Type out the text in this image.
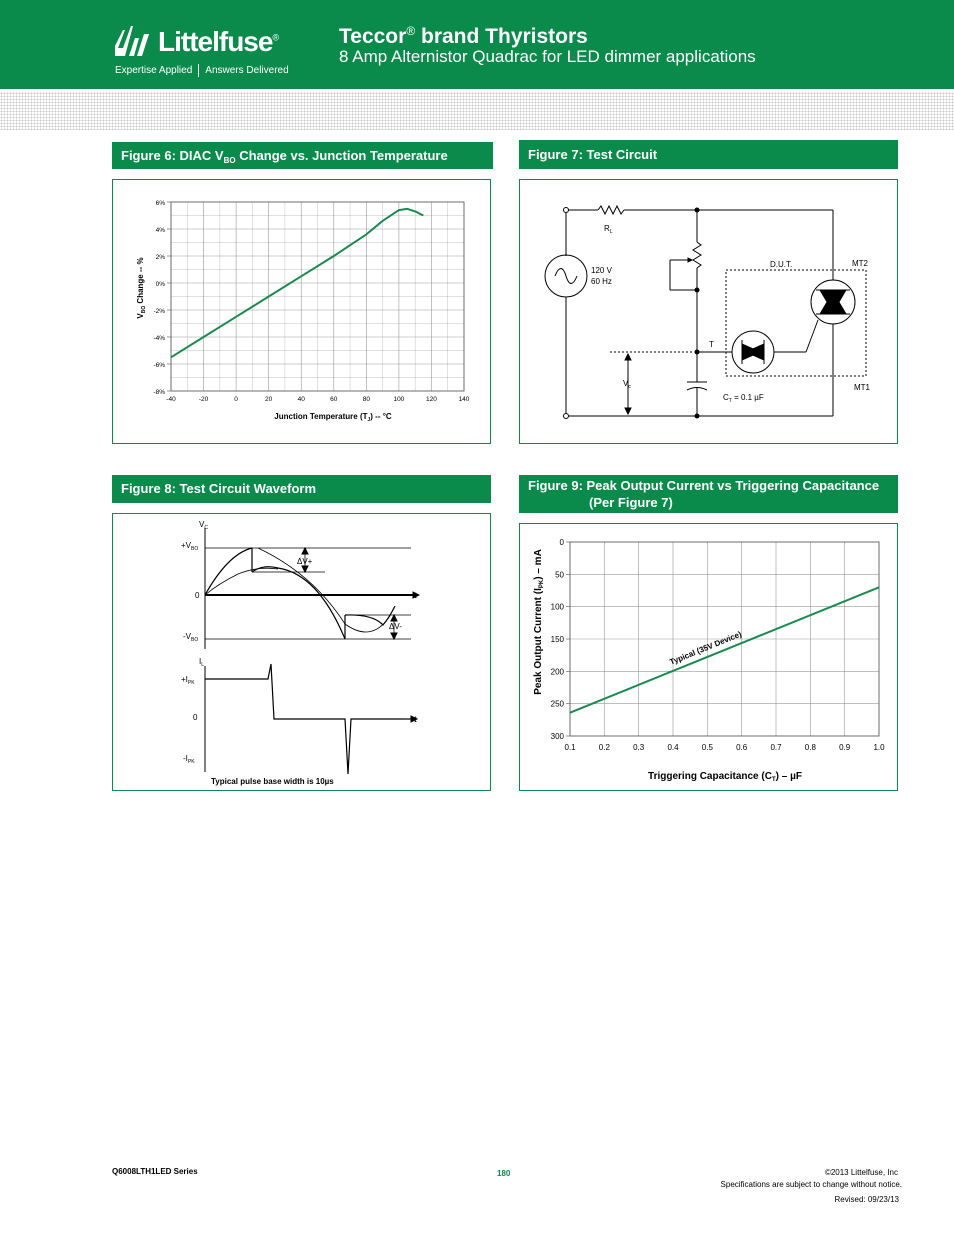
Littelfuse®
Expertise Applied Answers Delivered
Teccor® brand Thyristors
8 Amp Alternistor Quadrac for LED dimmer applications
Figure 6: DIAC $V_{BO}$ Change vs. Junction Temperature
Junction Temperature $(T_J) -- ^\circ C$
$V_{BO}$ Change -- %
-40	-20	0	20	40	60	80	100	120	140
6%
4%
2%
0%
-2%
-4%
-6%
-8%
Figure 7: Test Circuit
$R_L$
120 V
60 Hz
D.U.T.	MT2
MT1
T
$V_c$
$C_T = 0.1$ µF
Figure 8: Test Circuit Waveform
$V_C$
$+V_{BO}$
0
$-V_{BO}$
ΔV+
ΔV-
t
$I_L$
$+I_{PK}$
0
$-I_{PK}$
t
Typical pulse base width is 10µs
Figure 9: Peak Output Current vs Triggering Capacitance
(Per Figure 7)
Triggering Capacitance $(C_T)$ – µF
Peak Output Current $(I_{PK})$ – mA
0.1	0.2	0.3	0.4	0.5	0.6	0.7	0.8	0.9	1.0
0
50
100
150
200
250
300
Typical (35V Device)
Q6008LTH1LED Series	180	©2013 Littelfuse, Inc
Specifications are subject to change without notice.
Revised: 09/23/13
